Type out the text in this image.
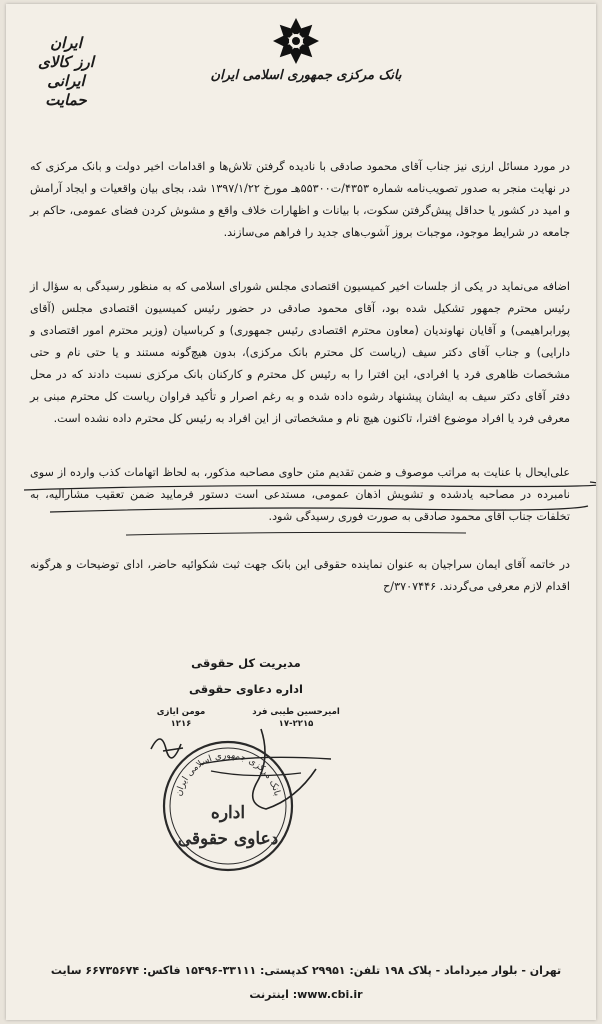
بانک مرکزی جمهوری اسلامی ایران
ایران
ارز کالای
ایرانی حمایت
در مورد مسائل ارزی نیز جناب آقای محمود صادقی با نادیده گرفتن تلاش‌ها و اقدامات اخیر دولت و بانک مرکزی که در نهایت منجر به صدور تصویب‌نامه شماره ۴۳۵۳/ت۵۵۳۰۰هـ مورخ ۱۳۹۷/۱/۲۲ شد، بجای بیان واقعیات و ایجاد آرامش و امید در کشور یا حداقل پیش‌گرفتن سکوت، با بیانات و اظهارات خلاف واقع و مشوش کردن فضای عمومی، حاکم بر جامعه در شرایط موجود، موجبات بروز آشوب‌های جدید را فراهم می‌سازند.
اضافه می‌نماید در یکی از جلسات اخیر کمیسیون اقتصادی مجلس شورای اسلامی که به منظور رسیدگی به سؤال از رئیس محترم جمهور تشکیل شده بود، آقای محمود صادقی در حضور رئیس کمیسیون اقتصادی مجلس (آقای پورابراهیمی) و آقایان نهاوندیان (معاون محترم اقتصادی رئیس جمهوری) و کرباسیان (وزیر محترم امور اقتصادی و دارایی) و جناب آقای دکتر سیف (ریاست کل محترم بانک مرکزی)، بدون هیچ‌گونه مستند و یا حتی نام و حتی مشخصات ظاهری فرد یا افرادی، این افترا را به رئیس کل محترم و کارکنان بانک مرکزی نسبت دادند که در محل دفتر آقای دکتر سیف به ایشان پیشنهاد رشوه داده شده و به رغم اصرار و تأکید فراوان ریاست کل محترم مبنی بر معرفی فرد یا افراد موضوع افترا، تاکنون هیچ نام و مشخصاتی از این افراد به رئیس کل محترم داده نشده است.
علی‌ایحال با عنایت به مراتب موصوف و ضمن تقدیم متن حاوی مصاحبه مذکور، به لحاظ اتهامات کذب وارده از سوی نامبرده در مصاحبه یادشده و تشویش اذهان عمومی، مستدعی است دستور فرمایید ضمن تعقیب مشارالیه، به تخلفات جناب آقای محمود صادقی به صورت فوری رسیدگی شود.
در خاتمه آقای ایمان سراجیان به عنوان نماینده حقوقی این بانک جهت ثبت شکوائیه حاضر، ادای توضیحات و هرگونه اقدام لازم معرفی می‌گردند. ۳۷۰۷۴۴۶/ح
مدیریت کل حقوقی
اداره دعاوی حقوقی
امیرحسین طیبی فرد
۱۷-۲۲۱۵
مومن ایازی
۱۲۱۶
بانک مرکزی جمهوری اسلامی ایران
اداره
دعاوی حقوقی
تهران - بلوار میرداماد - پلاک ۱۹۸ تلفن: ۲۹۹۵۱ کدپستی: ۳۳۱۱۱-۱۵۴۹۶ فاکس: ۶۶۷۳۵۶۷۴ سایت
www.cbi.ir: اینترنت
